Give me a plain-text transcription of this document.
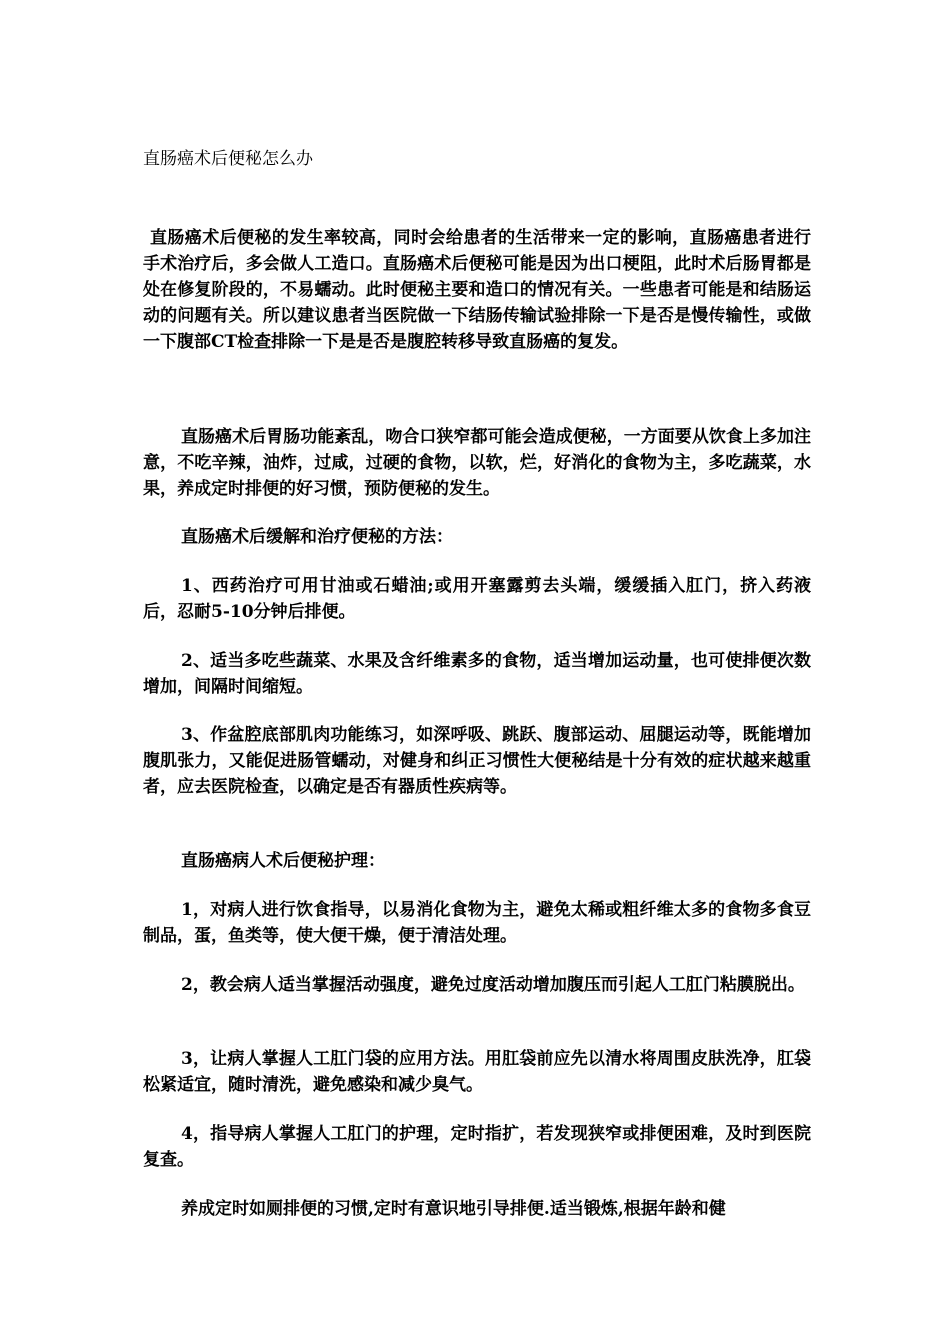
直肠癌术后便秘怎么办

直肠癌术后便秘的发生率较高，同时会给患者的生活带来一定的影响，直肠癌患者进行手术治疗后，多会做人工造口。直肠癌术后便秘可能是因为出口梗阻，此时术后肠胃都是处在修复阶段的，不易蠕动。此时便秘主要和造口的情况有关。一些患者可能是和结肠运动的问题有关。所以建议患者当医院做一下结肠传输试验排除一下是否是慢传输性，或做一下腹部CT检查排除一下是是否是腹腔转移导致直肠癌的复发。

直肠癌术后胃肠功能紊乱，吻合口狭窄都可能会造成便秘，一方面要从饮食上多加注意，不吃辛辣，油炸，过咸，过硬的食物，以软，烂，好消化的食物为主，多吃蔬菜，水果，养成定时排便的好习惯，预防便秘的发生。

直肠癌术后缓解和治疗便秘的方法：

1、西药治疗可用甘油或石蜡油;或用开塞露剪去头端，缓缓插入肛门，挤入药液后，忍耐5-10分钟后排便。

2、适当多吃些蔬菜、水果及含纤维素多的食物，适当增加运动量，也可使排便次数增加，间隔时间缩短。

3、作盆腔底部肌肉功能练习，如深呼吸、跳跃、腹部运动、屈腿运动等，既能增加腹肌张力，又能促进肠管蠕动，对健身和纠正习惯性大便秘结是十分有效的症状越来越重者，应去医院检查，以确定是否有器质性疾病等。

直肠癌病人术后便秘护理：

1，对病人进行饮食指导，以易消化食物为主，避免太稀或粗纤维太多的食物多食豆制品，蛋，鱼类等，使大便干燥，便于清洁处理。

2，教会病人适当掌握活动强度，避免过度活动增加腹压而引起人工肛门粘膜脱出。

3，让病人掌握人工肛门袋的应用方法。用肛袋前应先以清水将周围皮肤洗净，肛袋松紧适宜，随时清洗，避免感染和减少臭气。

4，指导病人掌握人工肛门的护理，定时指扩，若发现狭窄或排便困难，及时到医院复查。

养成定时如厕排便的习惯,定时有意识地引导排便.适当锻炼,根据年龄和健
